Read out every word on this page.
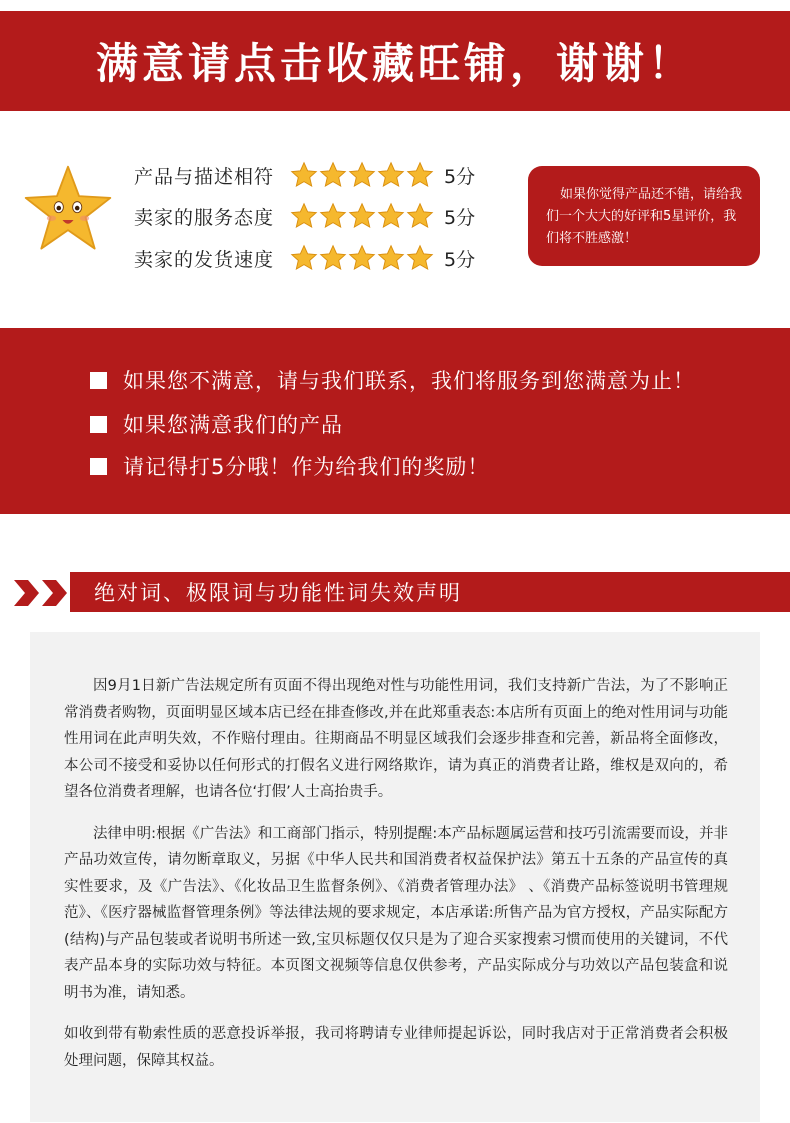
满意请点击收藏旺铺，谢谢！
产品与描述相符	5分
卖家的服务态度	5分
卖家的发货速度	5分
如果你觉得产品还不错，请给我们一个大大的好评和5星评价，我们将不胜感激！
如果您不满意，请与我们联系，我们将服务到您满意为止！
如果您满意我们的产品
请记得打5分哦！作为给我们的奖励！
绝对词、极限词与功能性词失效声明

因9月1日新广告法规定所有页面不得出现绝对性与功能性用词，我们支持新广告法，为了不影响正常消费者购物，页面明显区域本店已经在排查修改,并在此郑重表态:本店所有页面上的绝对性用词与功能性用词在此声明失效，不作赔付理由。往期商品不明显区域我们会逐步排查和完善，新品将全面修改，本公司不接受和妥协以任何形式的打假名义进行网络欺诈，请为真正的消费者让路，维权是双向的，希望各位消费者理解，也请各位‘打假’人士高抬贵手。

法律申明:根据《广告法》和工商部门指示，特别提醒:本产品标题属运营和技巧引流需要而设，并非产品功效宣传，请勿断章取义，另据《中华人民共和国消费者权益保护法》第五十五条的产品宣传的真实性要求，及《广告法》、《化妆品卫生监督条例》、《消费者管理办法》 、《消费产品标签说明书管理规范》、《医疗器械监督管理条例》等法律法规的要求规定，本店承诺:所售产品为官方授权，产品实际配方(结构)与产品包装或者说明书所述一致,宝贝标题仅仅只是为了迎合买家搜索习惯而使用的关键词，不代表产品本身的实际功效与特征。本页图文视频等信息仅供参考，产品实际成分与功效以产品包装盒和说明书为准，请知悉。

如收到带有勒索性质的恶意投诉举报，我司将聘请专业律师提起诉讼，同时我店对于正常消费者会积极处理问题，保障其权益。
